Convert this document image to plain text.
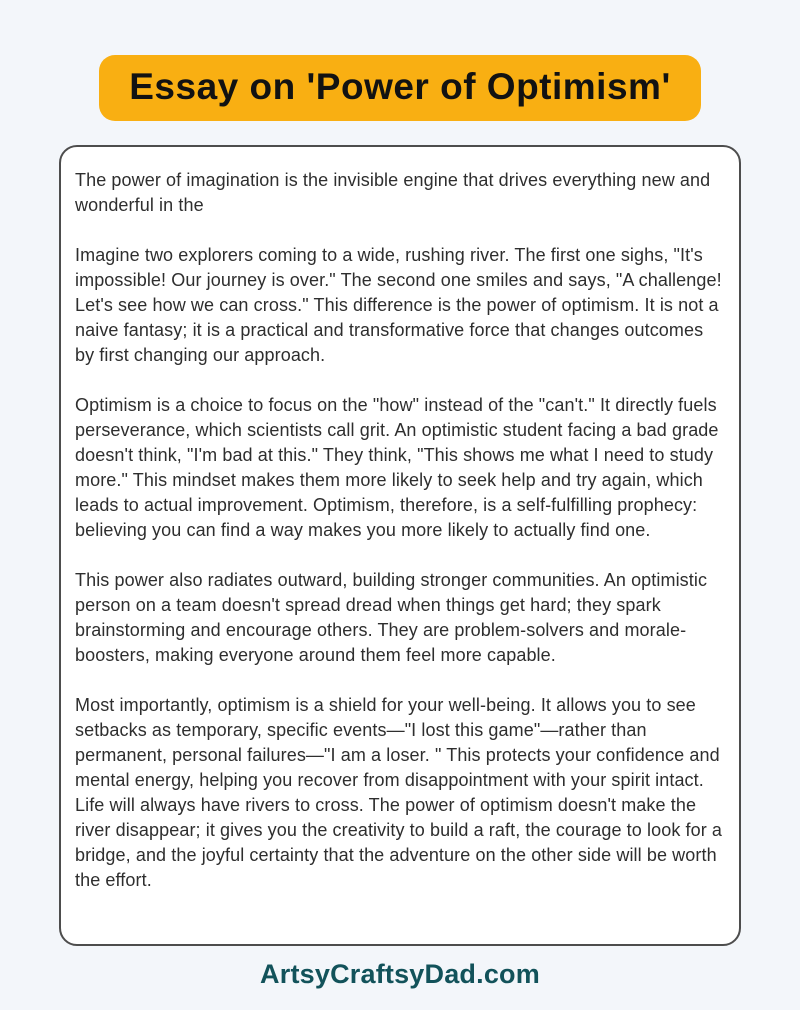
Essay on 'Power of Optimism'

The power of imagination is the invisible engine that drives everything new and wonderful in the

Imagine two explorers coming to a wide, rushing river. The first one sighs, "It's impossible! Our journey is over." The second one smiles and says, "A challenge! Let's see how we can cross." This difference is the power of optimism. It is not a naive fantasy; it is a practical and transformative force that changes outcomes by first changing our approach.

Optimism is a choice to focus on the "how" instead of the "can't." It directly fuels perseverance, which scientists call grit. An optimistic student facing a bad grade doesn't think, "I'm bad at this." They think, "This shows me what I need to study more." This mindset makes them more likely to seek help and try again, which leads to actual improvement. Optimism, therefore, is a self-fulfilling prophecy: believing you can find a way makes you more likely to actually find one.

This power also radiates outward, building stronger communities. An optimistic person on a team doesn't spread dread when things get hard; they spark brainstorming and encourage others. They are problem-solvers and morale-boosters, making everyone around them feel more capable.

Most importantly, optimism is a shield for your well-being. It allows you to see setbacks as temporary, specific events—"I lost this game"—rather than permanent, personal failures—"I am a loser. " This protects your confidence and mental energy, helping you recover from disappointment with your spirit intact. Life will always have rivers to cross. The power of optimism doesn't make the river disappear; it gives you the creativity to build a raft, the courage to look for a bridge, and the joyful certainty that the adventure on the other side will be worth the effort.

ArtsyCraftsyDad.com
